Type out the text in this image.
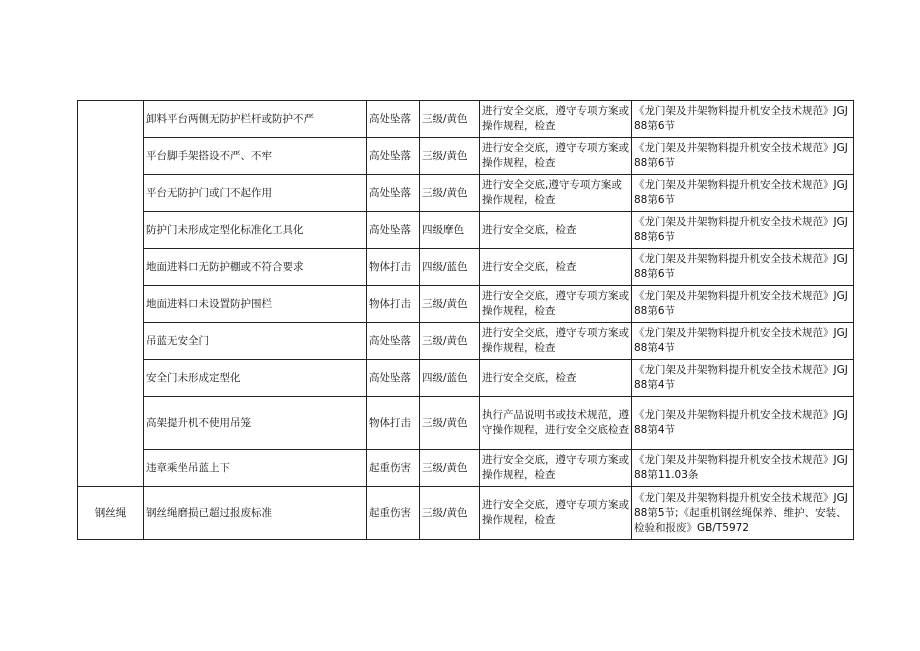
	卸料平台两侧无防护栏杆或防护不严	高处坠落	三级/黄色	进行安全交底，遵守专项方案或操作规程，检查	《龙门架及井架物料提升机安全技术规范》JGJ88第6节
	平台脚手架搭设不严、不牢	高处坠落	三级/黄色	进行安全交底，遵守专项方案或操作规程，检查	《龙门架及井架物料提升机安全技术规范》JGJ88第6节
	平台无防护门或门不起作用	高处坠落	三级/黄色	进行安全交底,遵守专项方案或操作规程，检查	《龙门架及井架物料提升机安全技术规范》JGJ88第6节
	防护门未形成定型化标准化工具化	高处坠落	四级摩色	进行安全交底，检查	《龙门架及井架物料提升机安全技术规范》JGJ88第6节
	地面进料口无防护棚或不符合要求	物体打击	四级/蓝色	进行安全交底，检查	《龙门架及井架物料提升机安全技术规范》JGJ88第6节
	地面进料口未设置防护围栏	物体打击	三级/黄色	进行安全交底，遵守专项方案或操作规程，检查	《龙门架及井架物料提升机安全技术规范》JGJ88第6节
	吊蓝无安全门	高处坠落	三级/黄色	进行安全交底，遵守专项方案或操作规程，检查	《龙门架及井架物料提升机安全技术规范》JGJ88第4节
	安全门未形成定型化	高处坠落	四级/蓝色	进行安全交底，检查	《龙门架及井架物料提升机安全技术规范》JGJ88第4节
	高架提升机不使用吊笼	物体打击	三级/黄色	执行产品说明书或技术规范，遵守操作规程，进行安全交底检查	《龙门架及井架物料提升机安全技术规范》JGJ88第4节
	违章乘坐吊蓝上下	起重伤害	三级/黄色	进行安全交底，遵守专项方案或操作规程，检查	《龙门架及井架物料提升机安全技术规范》JGJ88第11.03条
钢丝绳	钢丝绳磨损已超过报废标准	起重伤害	三级/黄色	进行安全交底，遵守专项方案或操作规程，检查	《龙门架及井架物料提升机安全技术规范》JGJ88第5节;《起重机钢丝绳保养、维护、安装、检验和报废》GB/T5972
